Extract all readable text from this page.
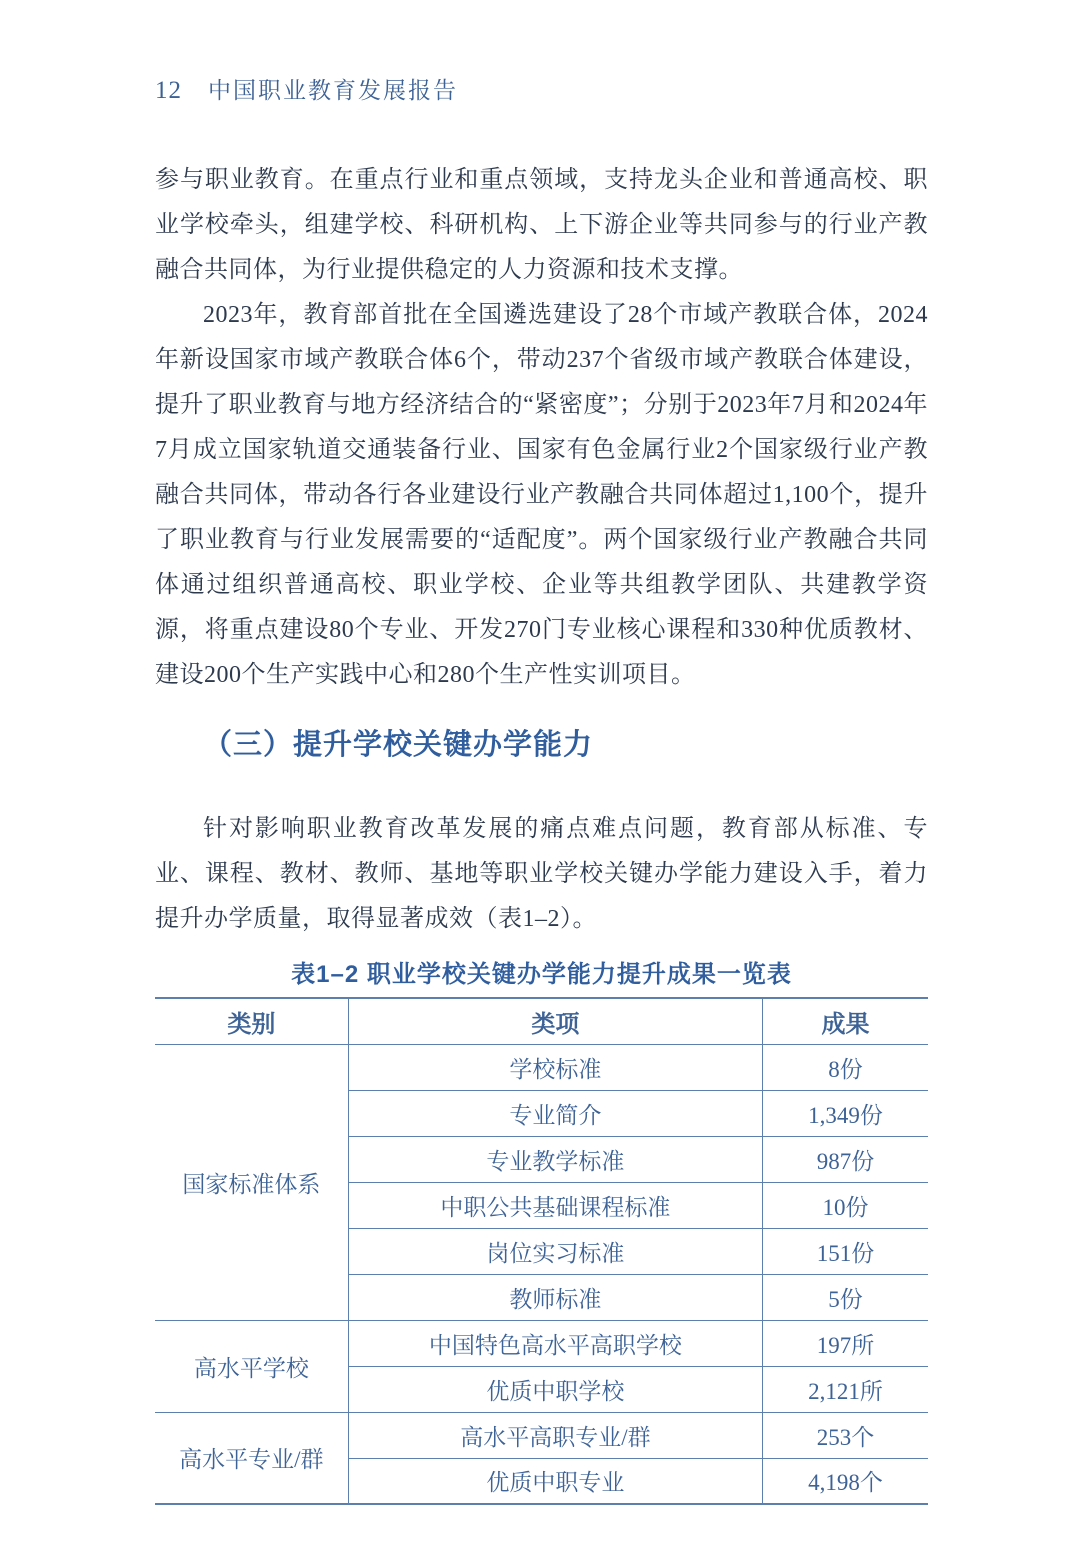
12 中国职业教育发展报告

参与职业教育。在重点行业和重点领域，支持龙头企业和普通高校、职业学校牵头，组建学校、科研机构、上下游企业等共同参与的行业产教融合共同体，为行业提供稳定的人力资源和技术支撑。

2023年，教育部首批在全国遴选建设了28个市域产教联合体，2024年新设国家市域产教联合体6个，带动237个省级市域产教联合体建设，提升了职业教育与地方经济结合的“紧密度”；分别于2023年7月和2024年7月成立国家轨道交通装备行业、国家有色金属行业2个国家级行业产教融合共同体，带动各行各业建设行业产教融合共同体超过1,100个，提升了职业教育与行业发展需要的“适配度”。两个国家级行业产教融合共同体通过组织普通高校、职业学校、企业等共组教学团队、共建教学资源，将重点建设80个专业、开发270门专业核心课程和330种优质教材、建设200个生产实践中心和280个生产性实训项目。

（三）提升学校关键办学能力

针对影响职业教育改革发展的痛点难点问题，教育部从标准、专业、课程、教材、教师、基地等职业学校关键办学能力建设入手，着力提升办学质量，取得显著成效（表1–2）。

表1–2 职业学校关键办学能力提升成果一览表
类别	类项	成果
国家标准体系	学校标准	8份
	专业简介	1,349份
	专业教学标准	987份
	中职公共基础课程标准	10份
	岗位实习标准	151份
	教师标准	5份
高水平学校	中国特色高水平高职学校	197所
	优质中职学校	2,121所
高水平专业/群	高水平高职专业/群	253个
	优质中职专业	4,198个
